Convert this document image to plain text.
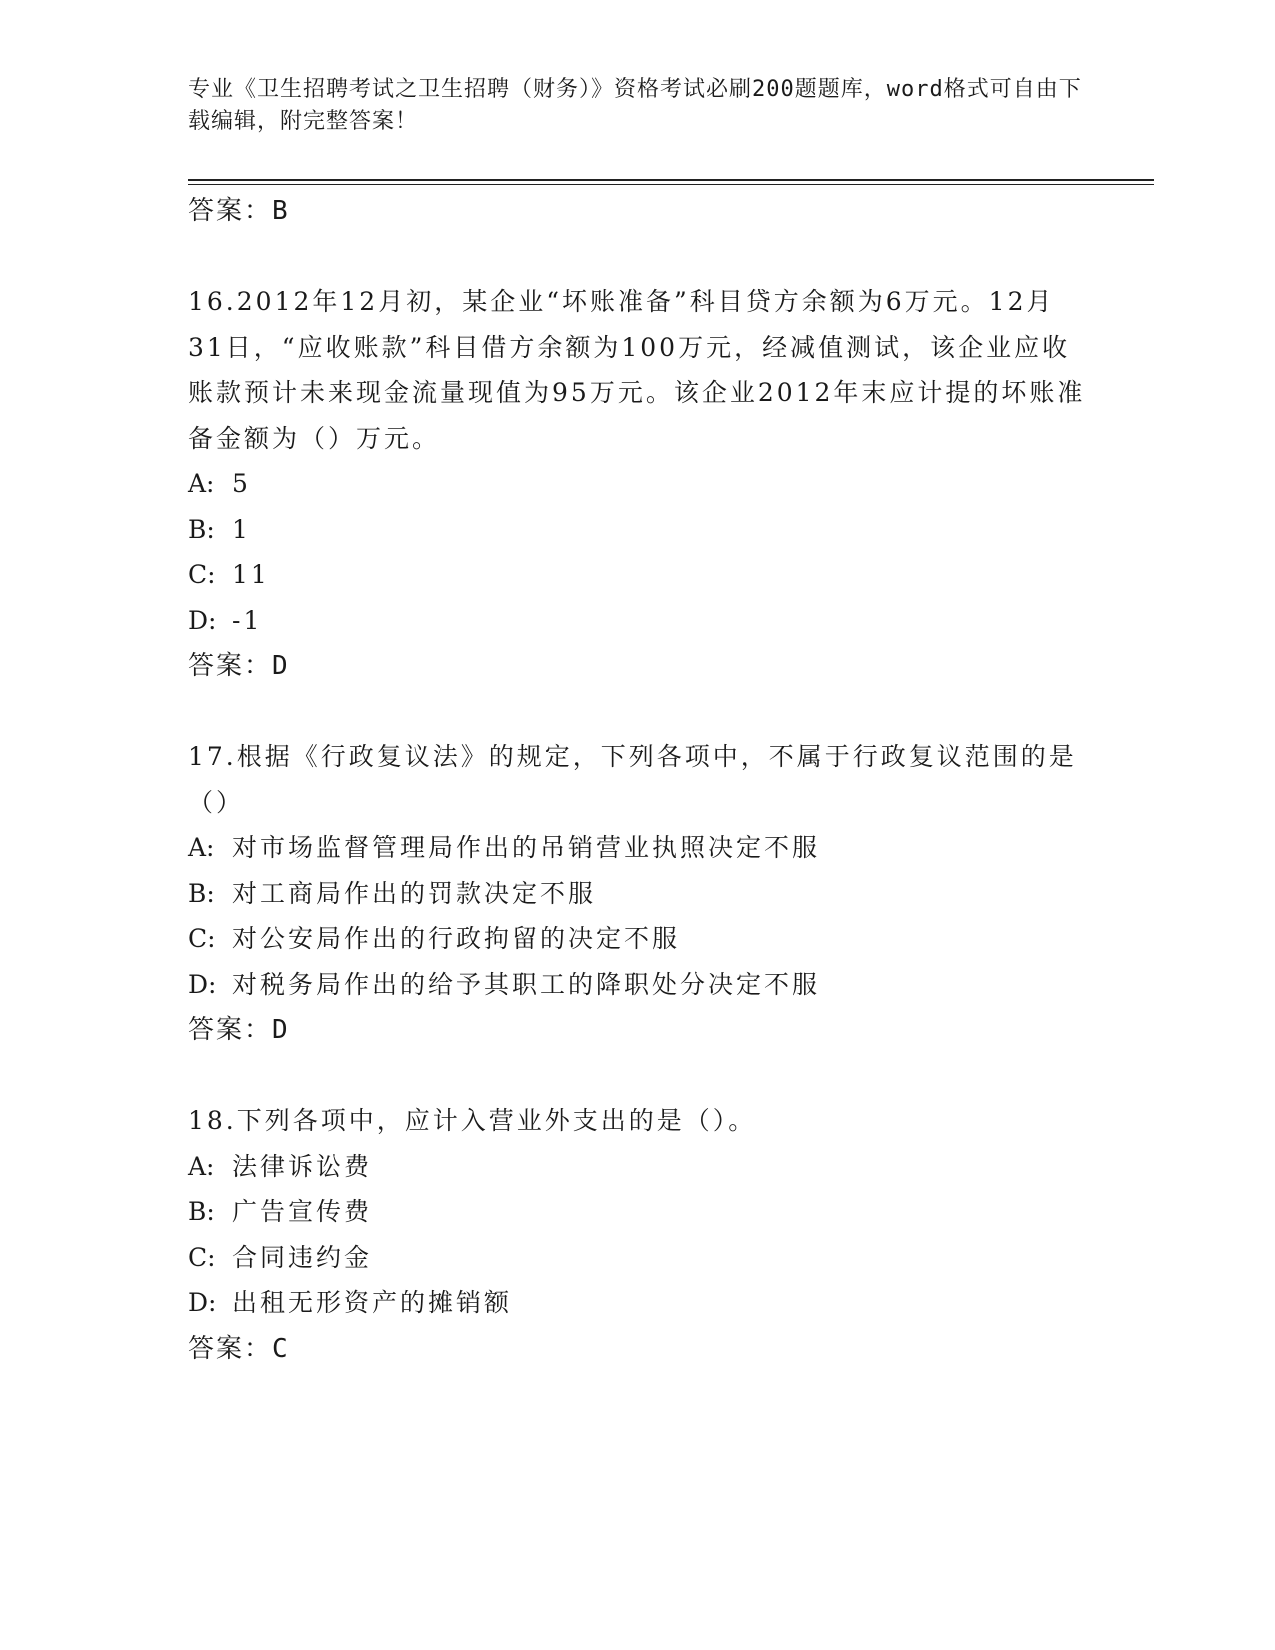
专业《卫生招聘考试之卫生招聘（财务）》资格考试必刷200题题库，word格式可自由下载编辑，附完整答案！
答案：B
16.2012年12月初，某企业“坏账准备”科目贷方余额为6万元。12月31日，“应收账款”科目借方余额为100万元，经减值测试，该企业应收账款预计未来现金流量现值为95万元。该企业2012年末应计提的坏账准备金额为（）万元。
A: 5
B: 1
C: 11
D: -1
答案：D
17.根据《行政复议法》的规定，下列各项中，不属于行政复议范围的是（）
A: 对市场监督管理局作出的吊销营业执照决定不服
B: 对工商局作出的罚款决定不服
C: 对公安局作出的行政拘留的决定不服
D: 对税务局作出的给予其职工的降职处分决定不服
答案：D
18.下列各项中，应计入营业外支出的是（）。
A: 法律诉讼费
B: 广告宣传费
C: 合同违约金
D: 出租无形资产的摊销额
答案：C
